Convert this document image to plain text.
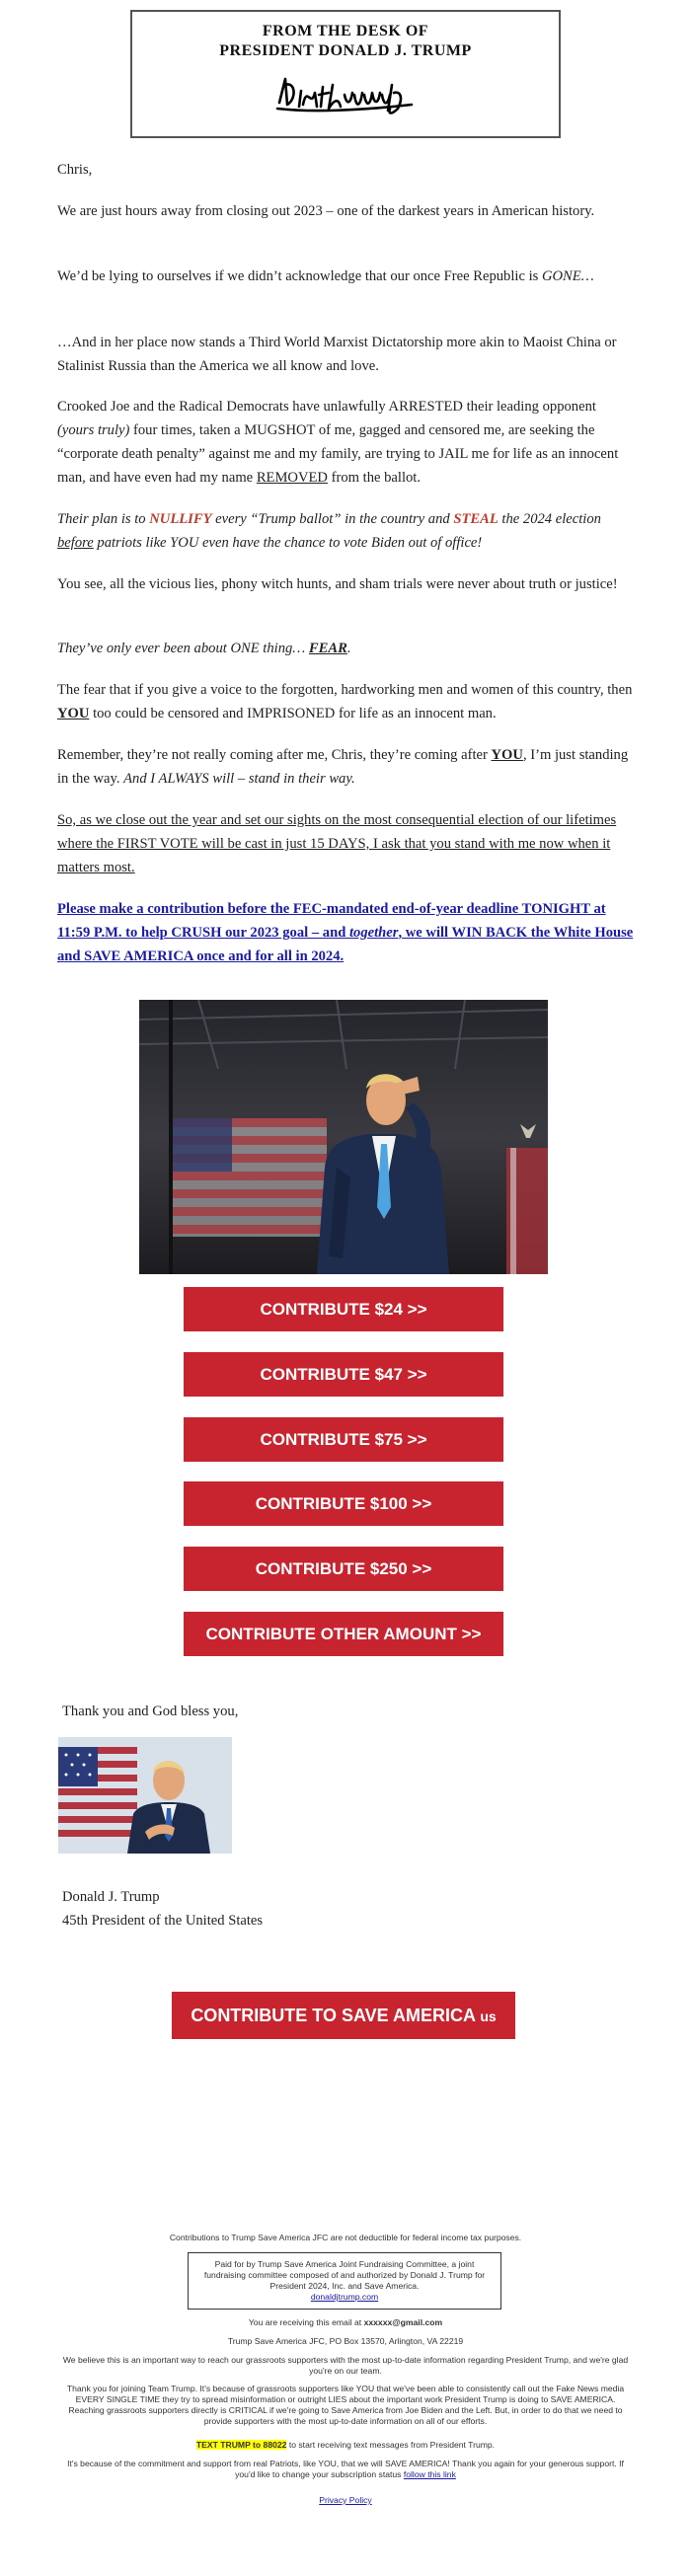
FROM THE DESK OF
PRESIDENT DONALD J. TRUMP

Chris,

We are just hours away from closing out 2023 – one of the darkest years in American history.

We’d be lying to ourselves if we didn’t acknowledge that our once Free Republic is GONE…

…And in her place now stands a Third World Marxist Dictatorship more akin to Maoist China or Stalinist Russia than the America we all know and love.

Crooked Joe and the Radical Democrats have unlawfully ARRESTED their leading opponent (yours truly) four times, taken a MUGSHOT of me, gagged and censored me, are seeking the “corporate death penalty” against me and my family, are trying to JAIL me for life as an innocent man, and have even had my name REMOVED from the ballot.

Their plan is to NULLIFY every “Trump ballot” in the country and STEAL the 2024 election before patriots like YOU even have the chance to vote Biden out of office!

You see, all the vicious lies, phony witch hunts, and sham trials were never about truth or justice!

They’ve only ever been about ONE thing… FEAR.

The fear that if you give a voice to the forgotten, hardworking men and women of this country, then YOU too could be censored and IMPRISONED for life as an innocent man.

Remember, they’re not really coming after me, Chris, they’re coming after YOU, I’m just standing in the way. And I ALWAYS will – stand in their way.

So, as we close out the year and set our sights on the most consequential election of our lifetimes where the FIRST VOTE will be cast in just 15 DAYS, I ask that you stand with me now when it matters most.

Please make a contribution before the FEC-mandated end-of-year deadline TONIGHT at 11:59 P.M. to help CRUSH our 2023 goal – and together, we will WIN BACK the White House and SAVE AMERICA once and for all in 2024.

CONTRIBUTE $24 >>
CONTRIBUTE $47 >>
CONTRIBUTE $75 >>
CONTRIBUTE $100 >>
CONTRIBUTE $250 >>
CONTRIBUTE OTHER AMOUNT >>
Thank you and God bless you,
Donald J. Trump
45th President of the United States
CONTRIBUTE TO SAVE AMERICA us
Contributions to Trump Save America JFC are not deductible for federal income tax purposes.
Paid for by Trump Save America Joint Fundraising Committee, a joint fundraising committee composed of and authorized by Donald J. Trump for President 2024, Inc. and Save America.
donaldjtrump.com
You are receiving this email at xxxxxx@gmail.com
Trump Save America JFC, PO Box 13570, Arlington, VA 22219
We believe this is an important way to reach our grassroots supporters with the most up-to-date information regarding President Trump, and we're glad you're on our team.
Thank you for joining Team Trump. It's because of grassroots supporters like YOU that we've been able to consistently call out the Fake News media EVERY SINGLE TIME they try to spread misinformation or outright LIES about the important work President Trump is doing to SAVE AMERICA. Reaching grassroots supporters directly is CRITICAL if we're going to Save America from Joe Biden and the Left. But, in order to do that we need to provide supporters with the most up-to-date information on all of our efforts.
TEXT TRUMP to 88022 to start receiving text messages from President Trump.
It's because of the commitment and support from real Patriots, like YOU, that we will SAVE AMERICA! Thank you again for your generous support. If you'd like to change your subscription status follow this link
Privacy Policy
